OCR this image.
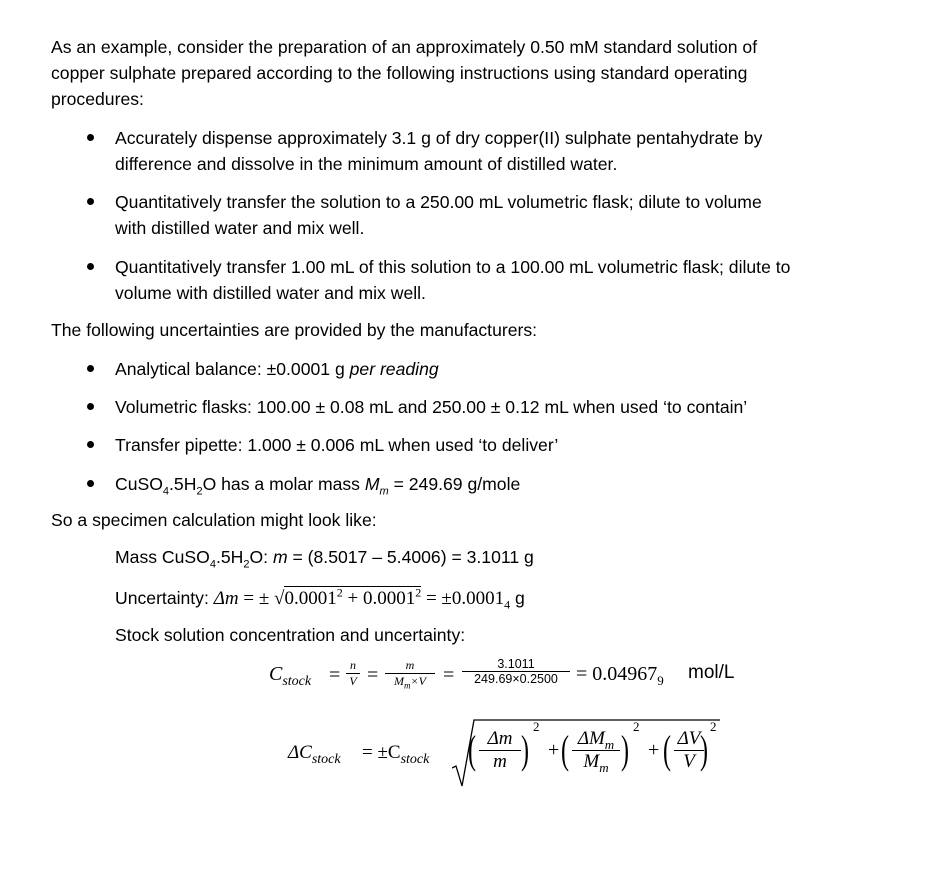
As an example, consider the preparation of an approximately 0.50 mM standard solution of
copper sulphate prepared according to the following instructions using standard operating
procedures:
Accurately dispense approximately 3.1 g of dry copper(II) sulphate pentahydrate by
difference and dissolve in the minimum amount of distilled water.
Quantitatively transfer the solution to a 250.00 mL volumetric flask; dilute to volume
with distilled water and mix well.
Quantitatively transfer 1.00 mL of this solution to a 100.00 mL volumetric flask; dilute to
volume with distilled water and mix well.
The following uncertainties are provided by the manufacturers:
Analytical balance: ±0.0001 g per reading
Volumetric flasks: 100.00 ± 0.08 mL and 250.00 ± 0.12 mL when used ‘to contain’
Transfer pipette: 1.000 ± 0.006 mL when used ‘to deliver’
$CuSO_4.5H_2O$ has a molar mass $M_m = 249.69$ g/mole
So a specimen calculation might look like:
Mass $CuSO_4.5H_2O$: m = (8.5017 – 5.4006) = 3.1011 g
Uncertainty: Δm = ± $√0.0001^2 + 0.0001^2 = \pm 0.0001_4$ g
Stock solution concentration and uncertainty:
$C_{stock} = n$
V =	m
$M_m\times V$ =	3.1011
$249.69\times 0.2500 = 0.04967_9$ mol/L
$\Delta C_{stock} = \pm C_{stock}$ ( Δm
m )
2
+ ( $\Delta M_m$
$M_m$ )
2
+ ( ΔV
V )
2
